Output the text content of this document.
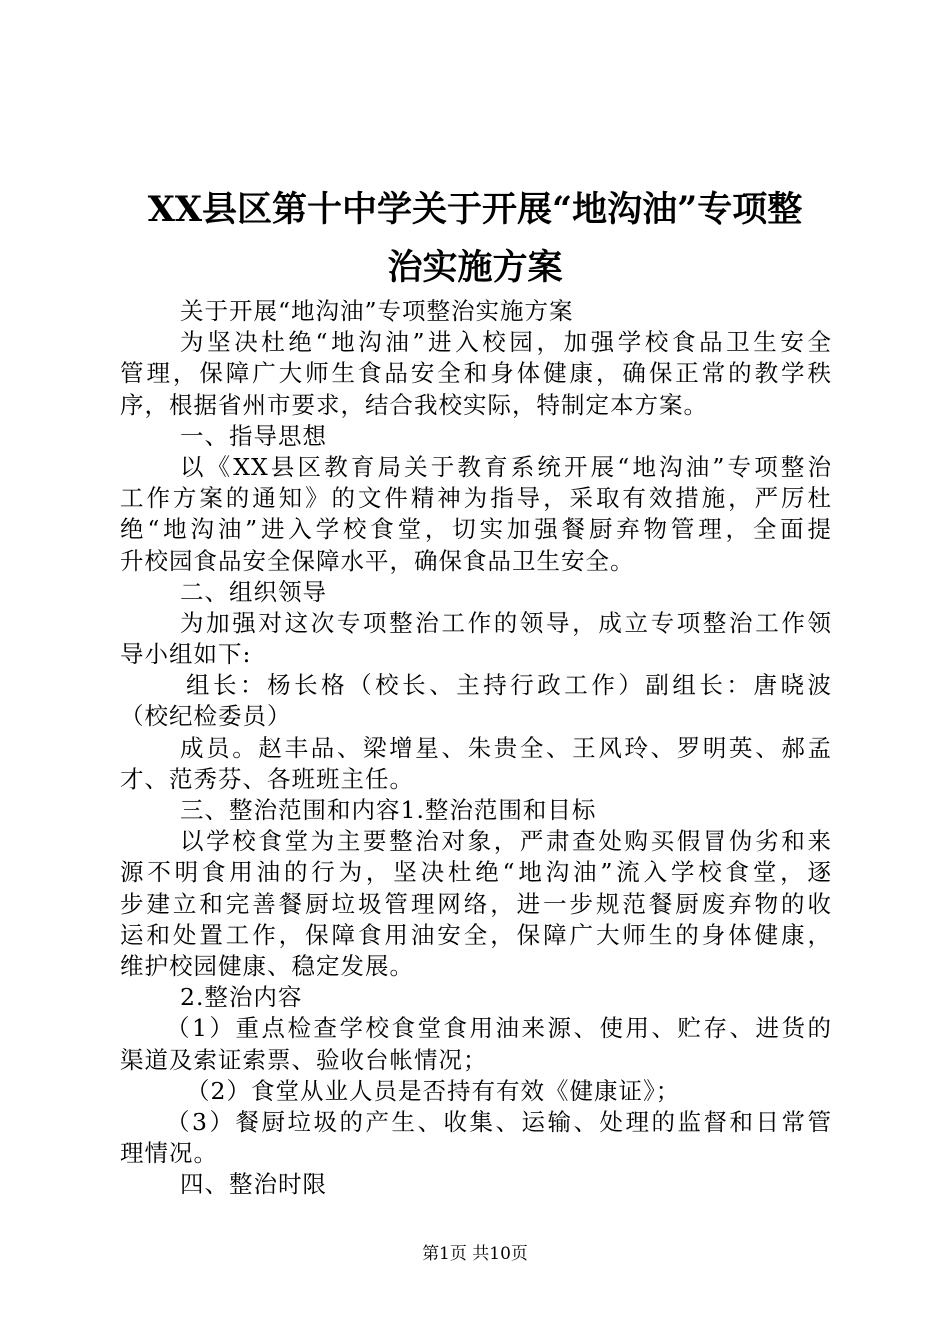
XX县区第十中学关于开展“地沟油”专项整
治实施方案
关于开展“地沟油”专项整治实施方案
为坚决杜绝“地沟油”进入校园，加强学校食品卫生安全
管理，保障广大师生食品安全和身体健康，确保正常的教学秩
序，根据省州市要求，结合我校实际，特制定本方案。
一、指导思想
以《XX县区教育局关于教育系统开展“地沟油”专项整治
工作方案的通知》的文件精神为指导，采取有效措施，严厉杜
绝“地沟油”进入学校食堂，切实加强餐厨弃物管理，全面提
升校园食品安全保障水平，确保食品卫生安全。
二、组织领导
为加强对这次专项整治工作的领导，成立专项整治工作领
导小组如下:
组长：杨长格（校长、主持行政工作）副组长：唐晓波
（校纪检委员）
成员。赵丰品、梁增星、朱贵全、王风玲、罗明英、郝孟
才、范秀芬、各班班主任。
三、整治范围和内容1.整治范围和目标
以学校食堂为主要整治对象，严肃查处购买假冒伪劣和来
源不明食用油的行为，坚决杜绝“地沟油”流入学校食堂，逐
步建立和完善餐厨垃圾管理网络，进一步规范餐厨废弃物的收
运和处置工作，保障食用油安全，保障广大师生的身体健康，
维护校园健康、稳定发展。
2.整治内容
（1）重点检查学校食堂食用油来源、使用、贮存、进货的
渠道及索证索票、验收台帐情况；
（2）食堂从业人员是否持有有效《健康证》；
（3）餐厨垃圾的产生、收集、运输、处理的监督和日常管
理情况。
四、整治时限
第1页 共10页
